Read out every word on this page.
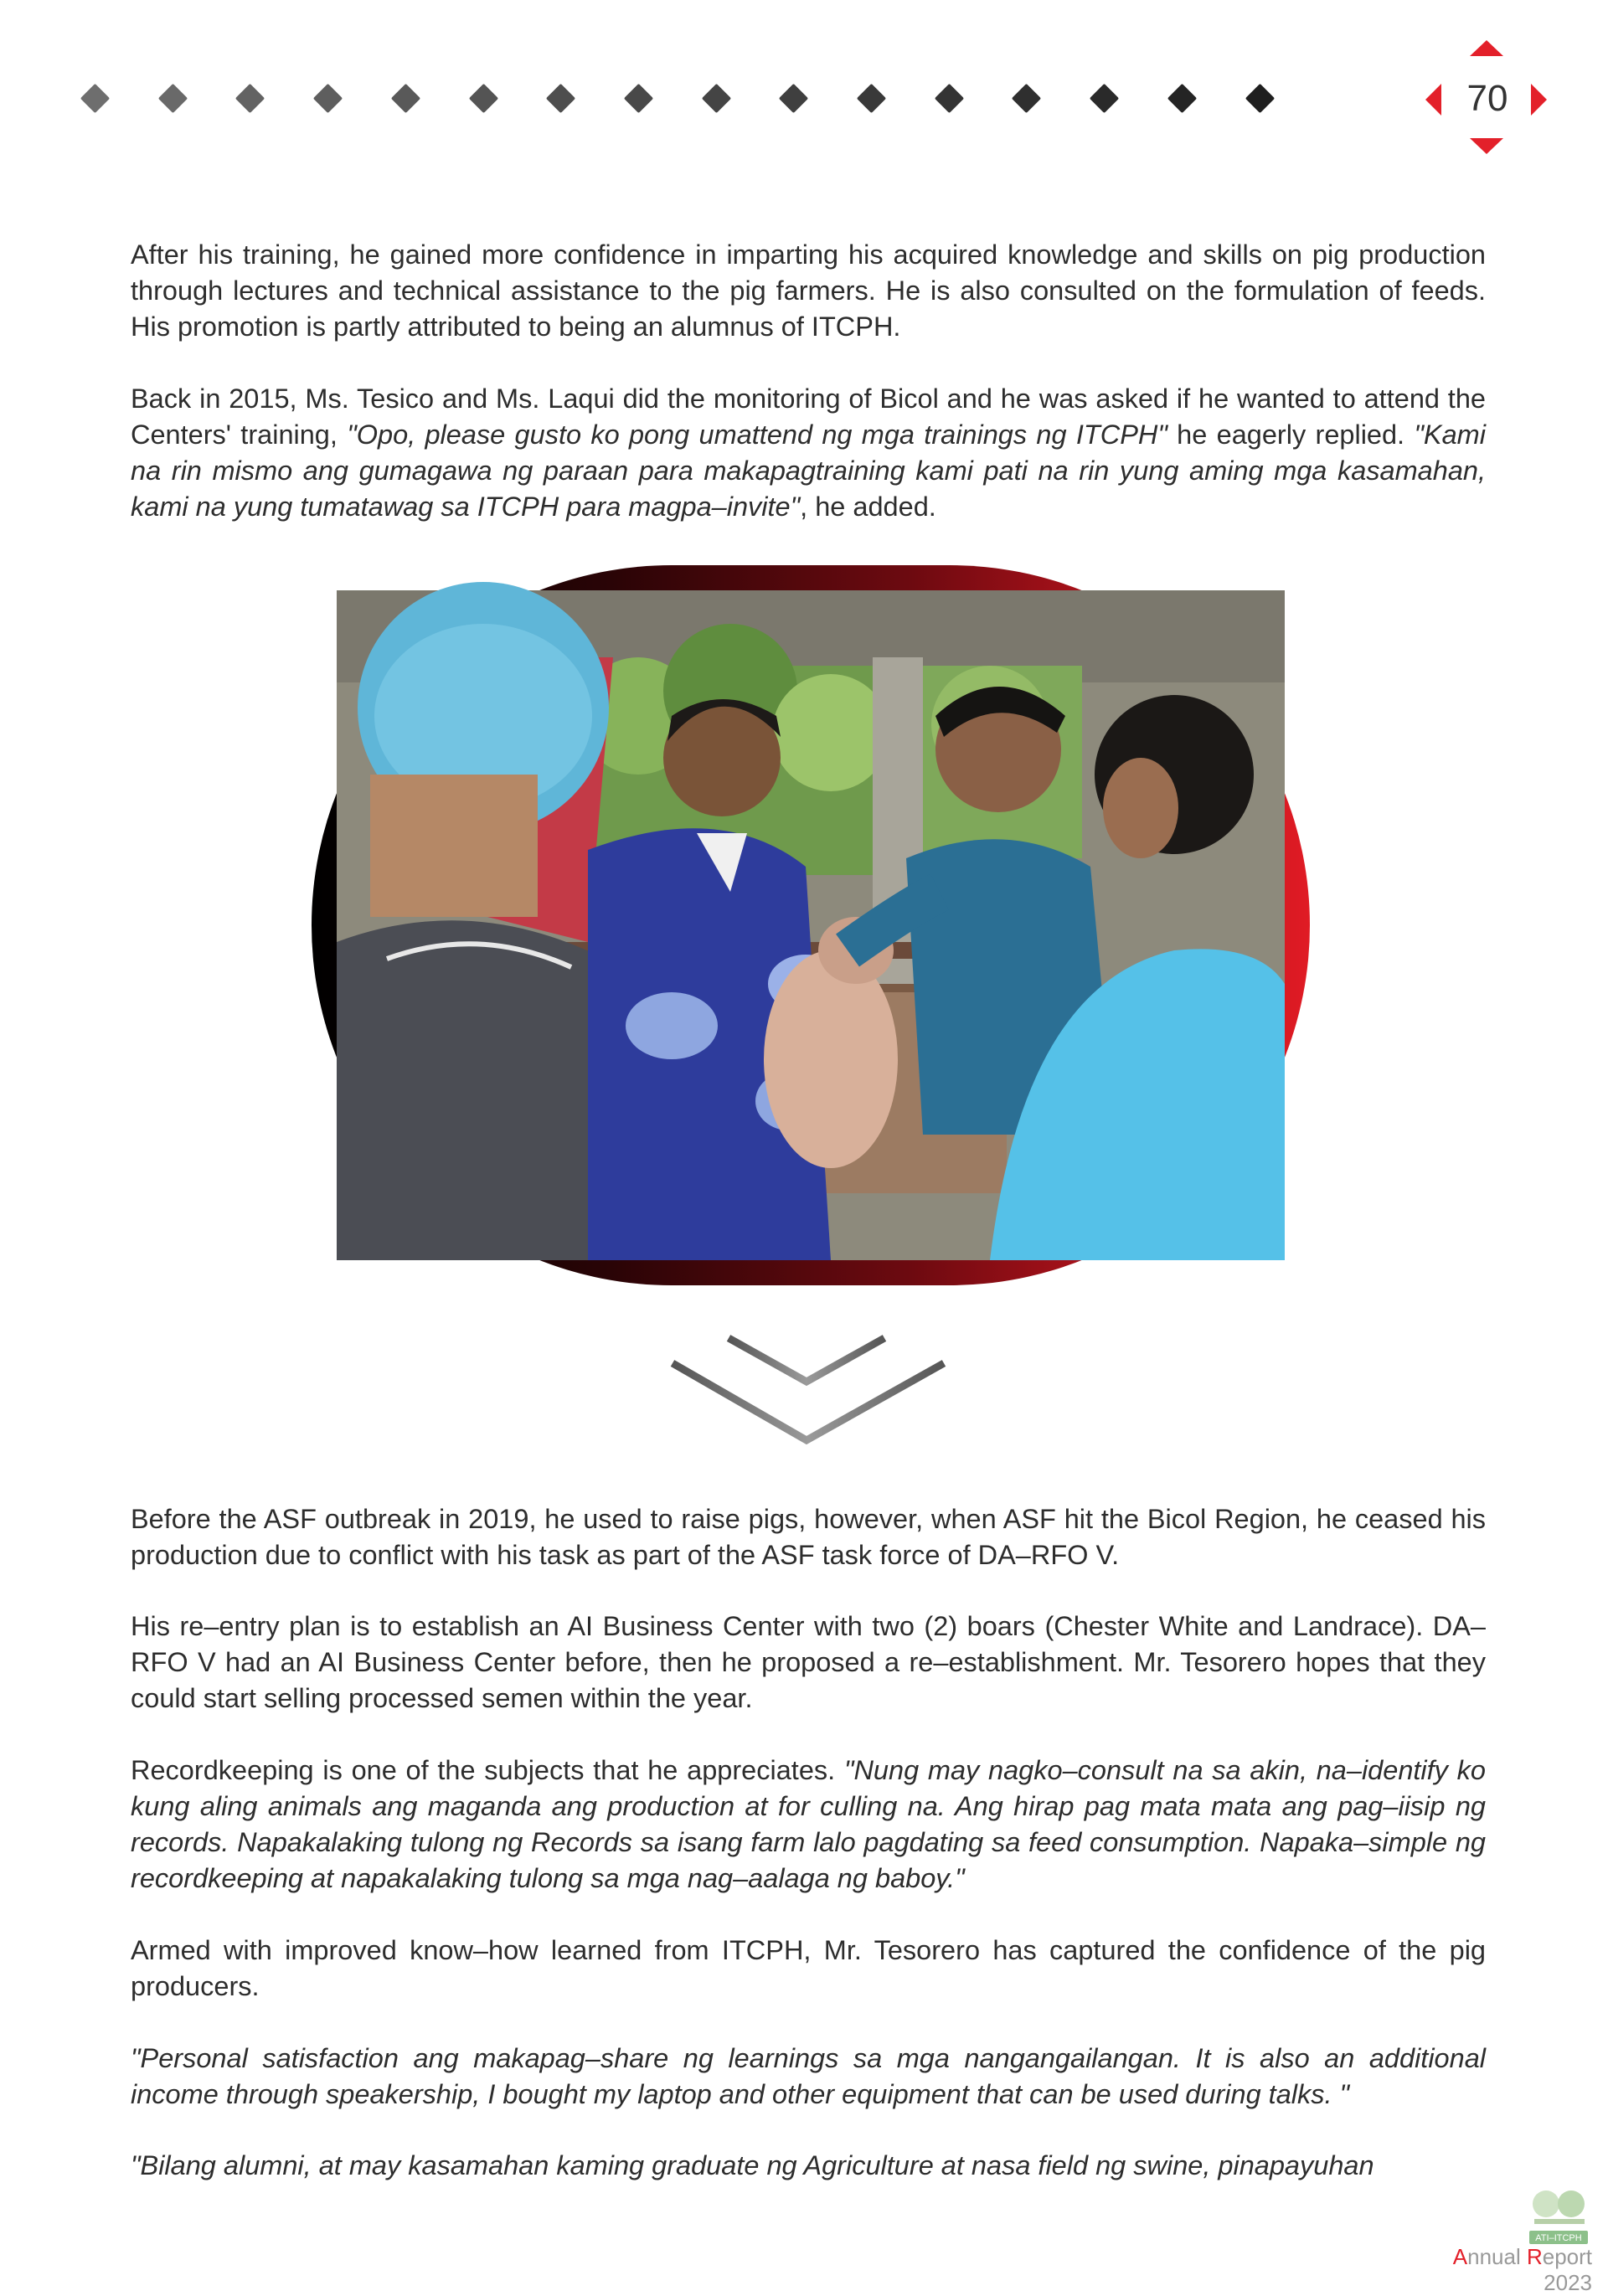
70

After his training, he gained more confidence in imparting his acquired knowledge and skills on pig production through lectures and technical assistance to the pig farmers. He is also consulted on the formulation of feeds. His promotion is partly attributed to being an alumnus of ITCPH.

Back in 2015, Ms. Tesico and Ms. Laqui did the monitoring of Bicol and he was asked if he wanted to attend the Centers' training, "Opo, please gusto ko pong umattend ng mga trainings ng ITCPH" he eagerly replied. "Kami na rin mismo ang gumagawa ng paraan para makapagtraining kami pati na rin yung aming mga kasamahan, kami na yung tumatawag sa ITCPH para magpa–invite", he added.

Before the ASF outbreak in 2019, he used to raise pigs, however, when ASF hit the Bicol Region, he ceased his production due to conflict with his task as part of the ASF task force of DA–RFO V.

His re–entry plan is to establish an AI Business Center with two (2) boars (Chester White and Landrace). DA–RFO V had an AI Business Center before, then he proposed a re–establishment. Mr. Tesorero hopes that they could start selling processed semen within the year.

Recordkeeping is one of the subjects that he appreciates. "Nung may nagko–consult na sa akin, na–identify ko kung aling animals ang maganda ang production at for culling na. Ang hirap pag mata mata ang pag–iisip ng records. Napakalaking tulong ng Records sa isang farm lalo pagdating sa feed consumption. Napaka–simple ng recordkeeping at napakalaking tulong sa mga nag–aalaga ng baboy."

Armed with improved know–how learned from ITCPH, Mr. Tesorero has captured the confidence of the pig producers.

"Personal satisfaction ang makapag–share ng learnings sa mga nangangailangan. It is also an additional income through speakership, I bought my laptop and other equipment that can be used during talks. "

"Bilang alumni, at may kasamahan kaming graduate ng Agriculture at nasa field ng swine, pinapayuhan

ATI–ITCPH
Annual Report 2023
